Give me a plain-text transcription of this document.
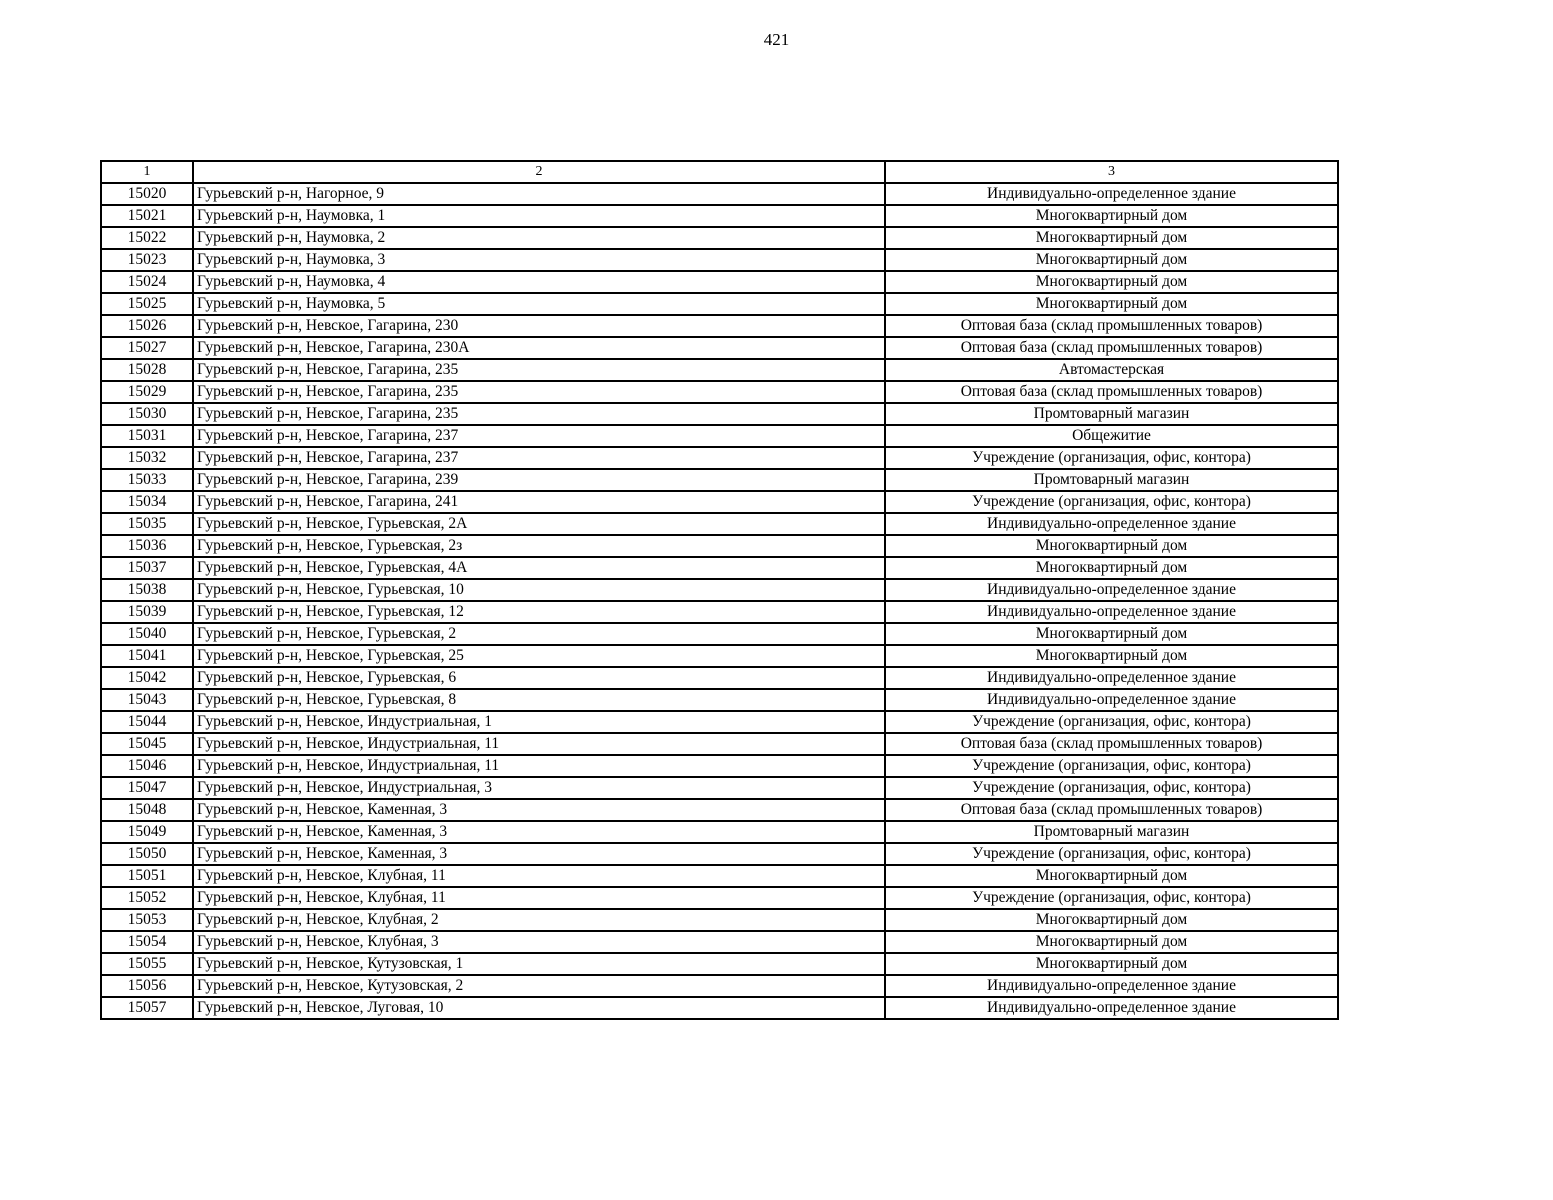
421
1	2	3
15020	Гурьевский р-н, Нагорное, 9	Индивидуально-определенное здание
15021	Гурьевский р-н, Наумовка, 1	Многоквартирный дом
15022	Гурьевский р-н, Наумовка, 2	Многоквартирный дом
15023	Гурьевский р-н, Наумовка, 3	Многоквартирный дом
15024	Гурьевский р-н, Наумовка, 4	Многоквартирный дом
15025	Гурьевский р-н, Наумовка, 5	Многоквартирный дом
15026	Гурьевский р-н, Невское, Гагарина, 230	Оптовая база (склад промышленных товаров)
15027	Гурьевский р-н, Невское, Гагарина, 230А	Оптовая база (склад промышленных товаров)
15028	Гурьевский р-н, Невское, Гагарина, 235	Автомастерская
15029	Гурьевский р-н, Невское, Гагарина, 235	Оптовая база (склад промышленных товаров)
15030	Гурьевский р-н, Невское, Гагарина, 235	Промтоварный магазин
15031	Гурьевский р-н, Невское, Гагарина, 237	Общежитие
15032	Гурьевский р-н, Невское, Гагарина, 237	Учреждение (организация, офис, контора)
15033	Гурьевский р-н, Невское, Гагарина, 239	Промтоварный магазин
15034	Гурьевский р-н, Невское, Гагарина, 241	Учреждение (организация, офис, контора)
15035	Гурьевский р-н, Невское, Гурьевская, 2А	Индивидуально-определенное здание
15036	Гурьевский р-н, Невское, Гурьевская, 2з	Многоквартирный дом
15037	Гурьевский р-н, Невское, Гурьевская, 4А	Многоквартирный дом
15038	Гурьевский р-н, Невское, Гурьевская, 10	Индивидуально-определенное здание
15039	Гурьевский р-н, Невское, Гурьевская, 12	Индивидуально-определенное здание
15040	Гурьевский р-н, Невское, Гурьевская, 2	Многоквартирный дом
15041	Гурьевский р-н, Невское, Гурьевская, 25	Многоквартирный дом
15042	Гурьевский р-н, Невское, Гурьевская, 6	Индивидуально-определенное здание
15043	Гурьевский р-н, Невское, Гурьевская, 8	Индивидуально-определенное здание
15044	Гурьевский р-н, Невское, Индустриальная, 1	Учреждение (организация, офис, контора)
15045	Гурьевский р-н, Невское, Индустриальная, 11	Оптовая база (склад промышленных товаров)
15046	Гурьевский р-н, Невское, Индустриальная, 11	Учреждение (организация, офис, контора)
15047	Гурьевский р-н, Невское, Индустриальная, 3	Учреждение (организация, офис, контора)
15048	Гурьевский р-н, Невское, Каменная, 3	Оптовая база (склад промышленных товаров)
15049	Гурьевский р-н, Невское, Каменная, 3	Промтоварный магазин
15050	Гурьевский р-н, Невское, Каменная, 3	Учреждение (организация, офис, контора)
15051	Гурьевский р-н, Невское, Клубная, 11	Многоквартирный дом
15052	Гурьевский р-н, Невское, Клубная, 11	Учреждение (организация, офис, контора)
15053	Гурьевский р-н, Невское, Клубная, 2	Многоквартирный дом
15054	Гурьевский р-н, Невское, Клубная, 3	Многоквартирный дом
15055	Гурьевский р-н, Невское, Кутузовская, 1	Многоквартирный дом
15056	Гурьевский р-н, Невское, Кутузовская, 2	Индивидуально-определенное здание
15057	Гурьевский р-н, Невское, Луговая, 10	Индивидуально-определенное здание
